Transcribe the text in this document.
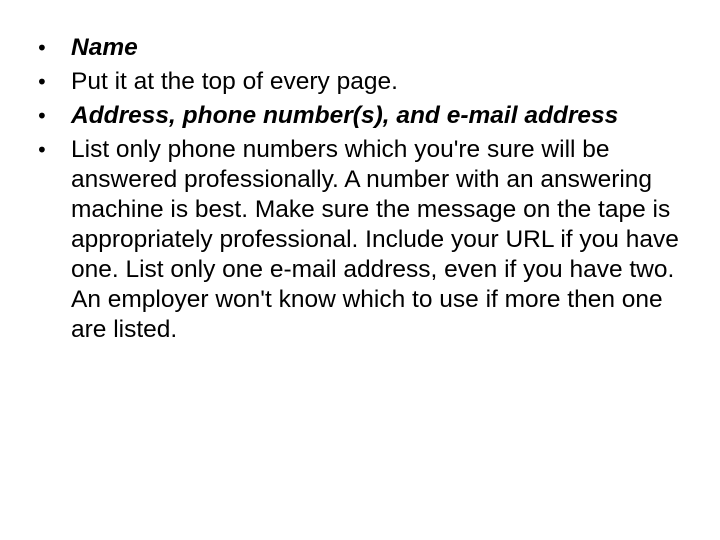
• Name
• Put it at the top of every page.
• Address, phone number(s), and e-mail address
• List only phone numbers which you're sure will be answered professionally. A number with an answering machine is best. Make sure the message on the tape is appropriately professional. Include your URL if you have one. List only one e-mail address, even if you have two. An employer won't know which to use if more then one are listed.
